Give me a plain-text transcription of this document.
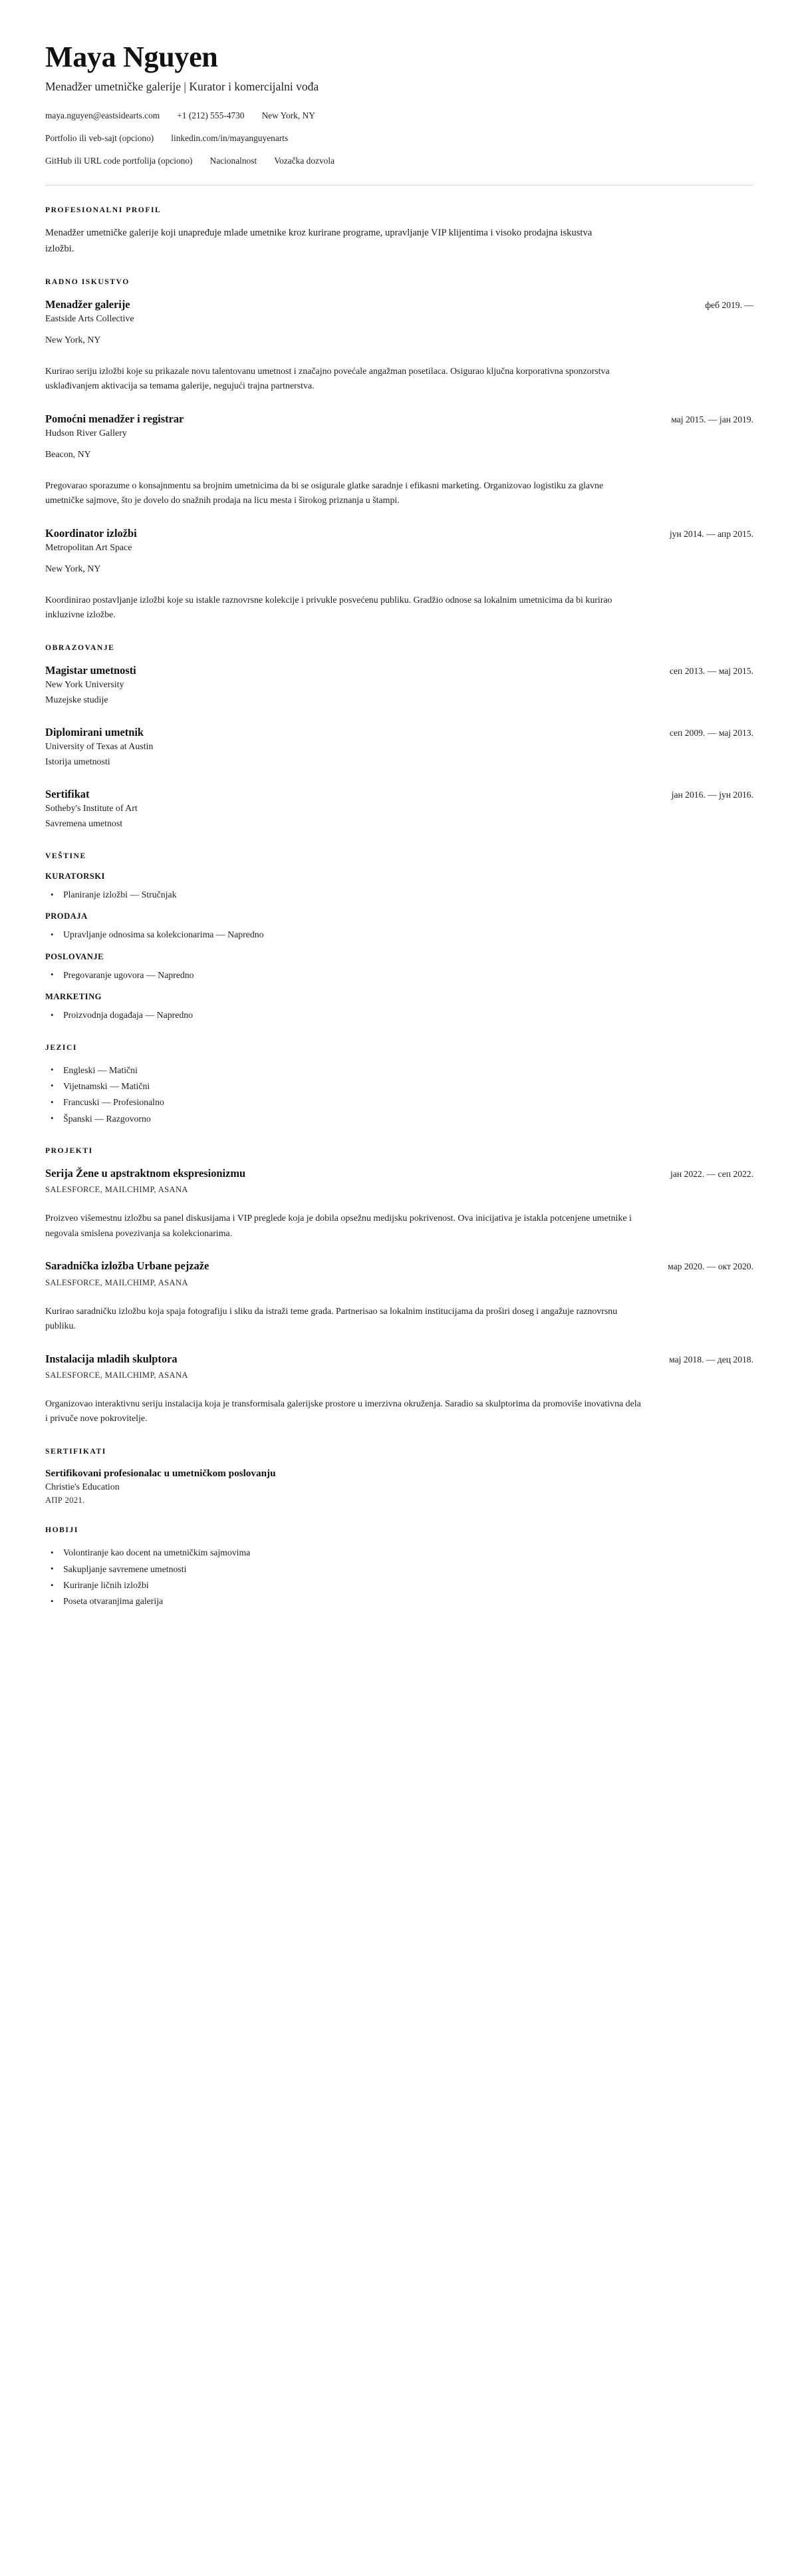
Maya Nguyen
Menadžer umetničke galerije | Kurator i komercijalni vođa
maya.nguyen@eastsidearts.com +1 (212) 555-4730 New York, NY
Portfolio ili veb-sajt (opciono) linkedin.com/in/mayanguyenarts
GitHub ili URL code portfolija (opciono) Nacionalnost Vozačka dozvola
PROFESIONALNI PROFIL

Menadžer umetničke galerije koji unapređuje mlade umetnike kroz kurirane programe, upravljanje VIP klijentima i visoko prodajna iskustva izložbi.

RADNO ISKUSTVO
Menadžer galerije	феб 2019. —
Eastside Arts Collective
New York, NY
Kurirao seriju izložbi koje su prikazale novu talentovanu umetnost i značajno povećale angažman posetilaca. Osigurao ključna korporativna sponzorstva usklađivanjem aktivacija sa temama galerije, negujući trajna partnerstva.
Pomoćni menadžer i registrar	мај 2015. — јан 2019.
Hudson River Gallery
Beacon, NY
Pregovarao sporazume o konsajnmentu sa brojnim umetnicima da bi se osigurale glatke saradnje i efikasni marketing. Organizovao logistiku za glavne umetničke sajmove, što je dovelo do snažnih prodaja na licu mesta i širokog priznanja u štampi.
Koordinator izložbi	јун 2014. — апр 2015.
Metropolitan Art Space
New York, NY
Koordinirao postavljanje izložbi koje su istakle raznovrsne kolekcije i privukle posvećenu publiku. Gradžio odnose sa lokalnim umetnicima da bi kurirao inkluzivne izložbe.
OBRAZOVANJE
Magistar umetnosti	сеп 2013. — мај 2015.
New York University
Muzejske studije
Diplomirani umetnik	сеп 2009. — мај 2013.
University of Texas at Austin
Istorija umetnosti
Sertifikat	јан 2016. — јун 2016.
Sotheby's Institute of Art
Savremena umetnost
VEŠTINE
KURATORSKI
• Planiranje izložbi — Stručnjak
PRODAJA
• Upravljanje odnosima sa kolekcionarima — Napredno
POSLOVANJE
• Pregovaranje ugovora — Napredno
MARKETING
• Proizvodnja događaja — Napredno
JEZICI
• Engleski — Matični
• Vijetnamski — Matični
• Francuski — Profesionalno
• Španski — Razgovorno
PROJEKTI
Serija Žene u apstraktnom ekspresionizmu	јан 2022. — сеп 2022.
SALESFORCE, MAILCHIMP, ASANA
Proizveo višemestnu izložbu sa panel diskusijama i VIP preglede koja je dobila opsežnu medijsku pokrivenost. Ova inicijativa je istakla potcenjene umetnike i negovala smislena povezivanja sa kolekcionarima.
Saradnička izložba Urbane pejzaže	мар 2020. — окт 2020.
SALESFORCE, MAILCHIMP, ASANA
Kurirao saradničku izložbu koja spaja fotografiju i sliku da istraži teme grada. Partnerisao sa lokalnim institucijama da proširi doseg i angažuje raznovrsnu publiku.
Instalacija mladih skulptora	мај 2018. — дец 2018.
SALESFORCE, MAILCHIMP, ASANA
Organizovao interaktivnu seriju instalacija koja je transformisala galerijske prostore u imerzivna okruženja. Saradio sa skulptorima da promoviše inovativna dela i privuče nove pokrovitelje.
SERTIFIKATI
Sertifikovani profesionalac u umetničkom poslovanju
Christie's Education
АПР 2021.
HOBIJI
• Volontiranje kao docent na umetničkim sajmovima
• Sakupljanje savremene umetnosti
• Kuriranje ličnih izložbi
• Poseta otvaranjima galerija
